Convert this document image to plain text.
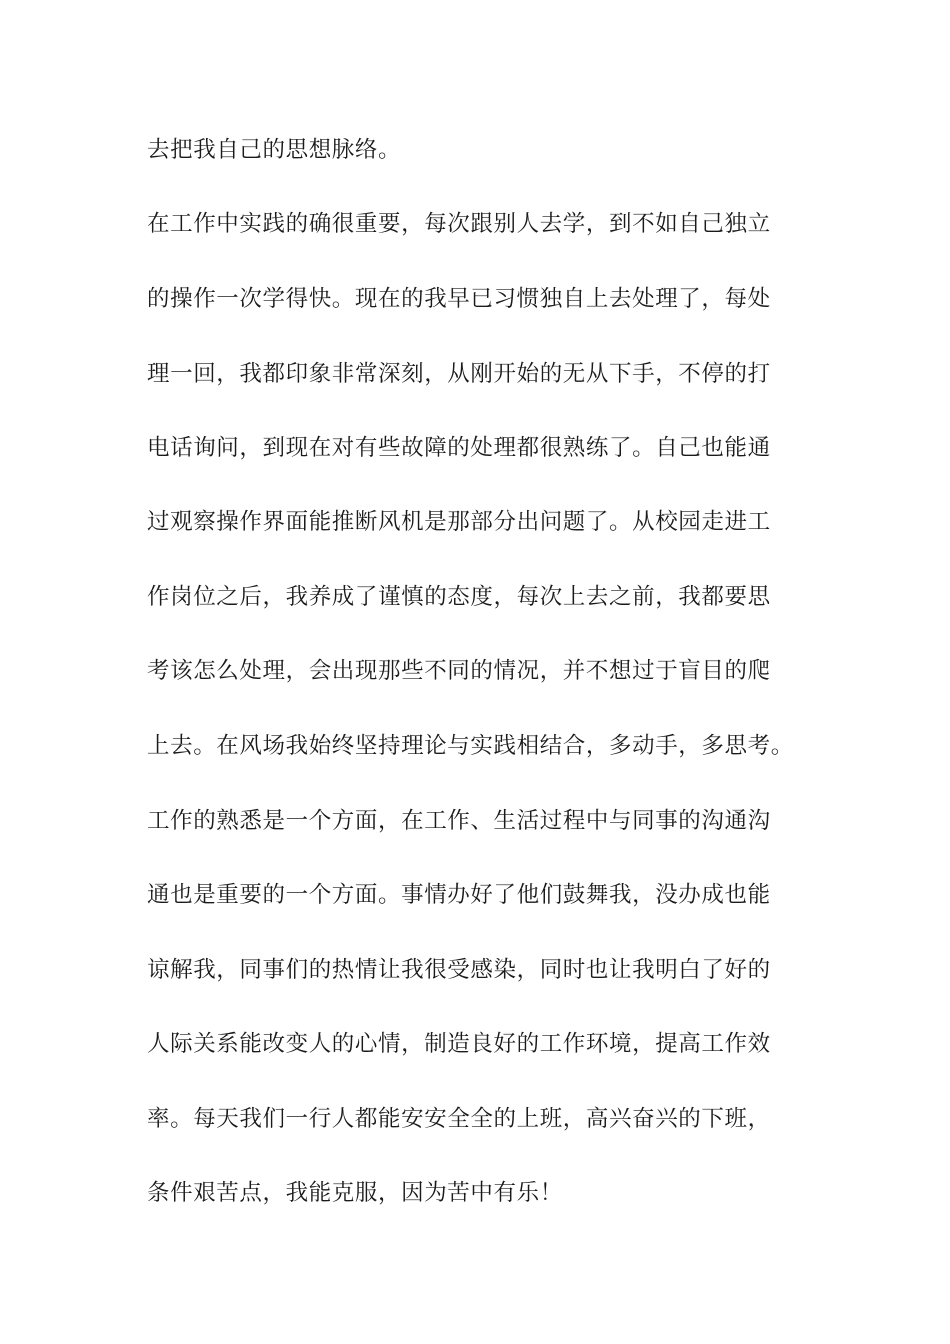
去把我自己的思想脉络。
在工作中实践的确很重要，每次跟别人去学，到不如自己独立
的操作一次学得快。现在的我早已习惯独自上去处理了，每处
理一回，我都印象非常深刻，从刚开始的无从下手，不停的打
电话询问，到现在对有些故障的处理都很熟练了。自己也能通
过观察操作界面能推断风机是那部分出问题了。从校园走进工
作岗位之后，我养成了谨慎的态度，每次上去之前，我都要思
考该怎么处理，会出现那些不同的情况，并不想过于盲目的爬
上去。在风场我始终坚持理论与实践相结合，多动手，多思考。
工作的熟悉是一个方面，在工作、生活过程中与同事的沟通沟
通也是重要的一个方面。事情办好了他们鼓舞我，没办成也能
谅解我，同事们的热情让我很受感染，同时也让我明白了好的
人际关系能改变人的心情，制造良好的工作环境，提高工作效
率。每天我们一行人都能安安全全的上班，高兴奋兴的下班，
条件艰苦点，我能克服，因为苦中有乐！
